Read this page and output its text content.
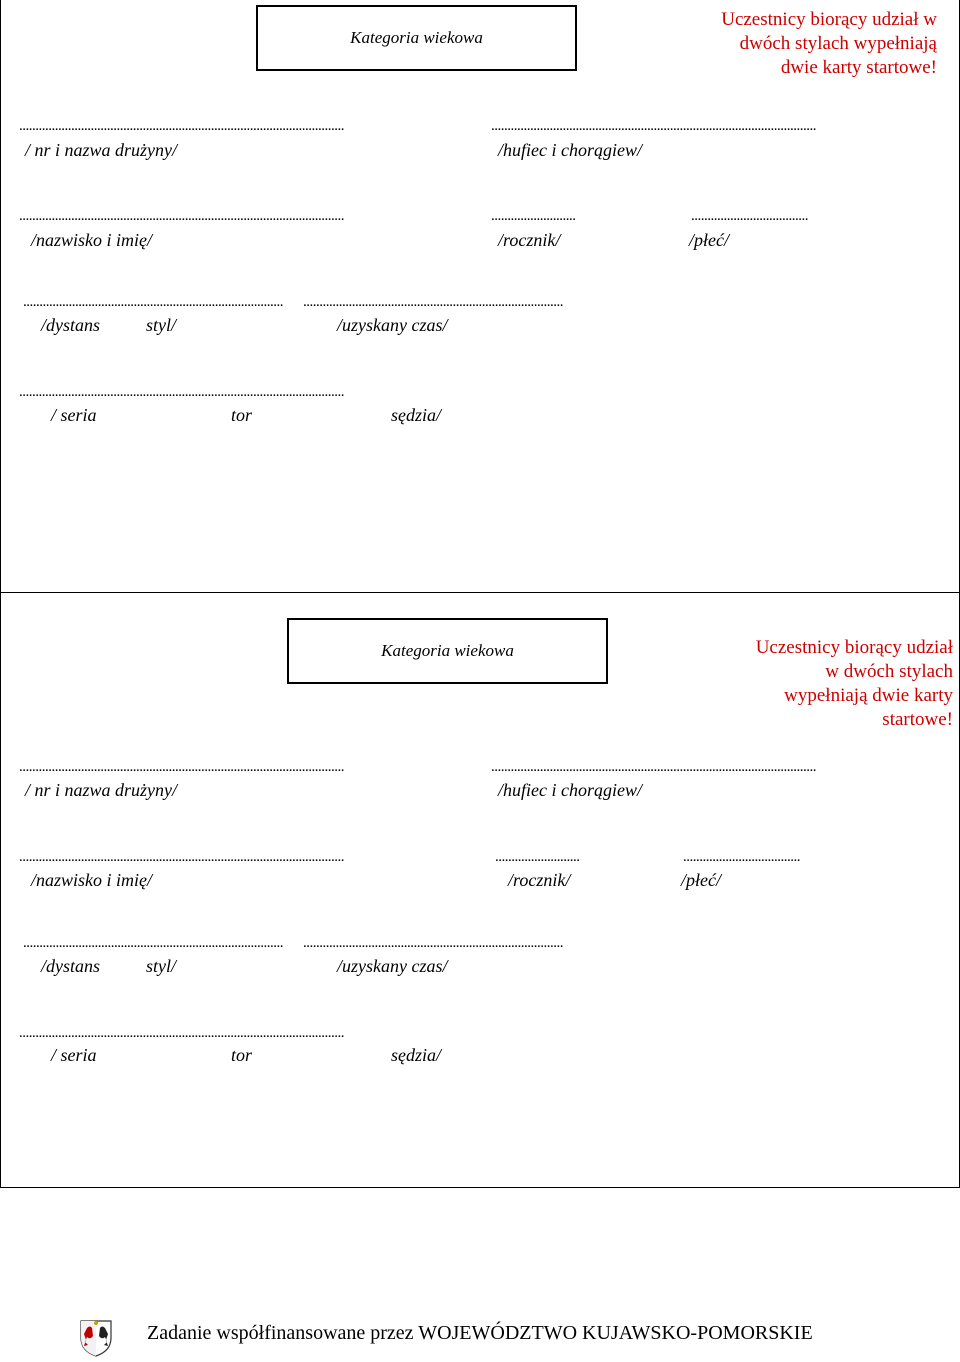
Kategoria wiekowa
Uczestnicy biorący udział w
dwóch stylach wypełniają
dwie karty startowe!
....................................................................................................	....................................................................................................
/ nr i nazwa drużyny/	/hufiec i chorągiew/
....................................................................................................	..........................	....................................
/nazwisko i imię/	/rocznik/	/płeć/
................................................................................ ................................................................................
/dystans	styl/	/uzyskany czas/
....................................................................................................
/ seria	tor	sędzia/
Kategoria wiekowa	Uczestnicy biorący udział
w dwóch stylach
wypełniają dwie karty
startowe!
....................................................................................................	....................................................................................................
/ nr i nazwa drużyny/	/hufiec i chorągiew/
....................................................................................................	..........................	....................................
/nazwisko i imię/	/rocznik/	/płeć/
................................................................................ ................................................................................
/dystans	styl/	/uzyskany czas/
....................................................................................................
/ seria	tor	sędzia/
Zadanie współfinansowane przez WOJEWÓDZTWO KUJAWSKO-POMORSKIE
